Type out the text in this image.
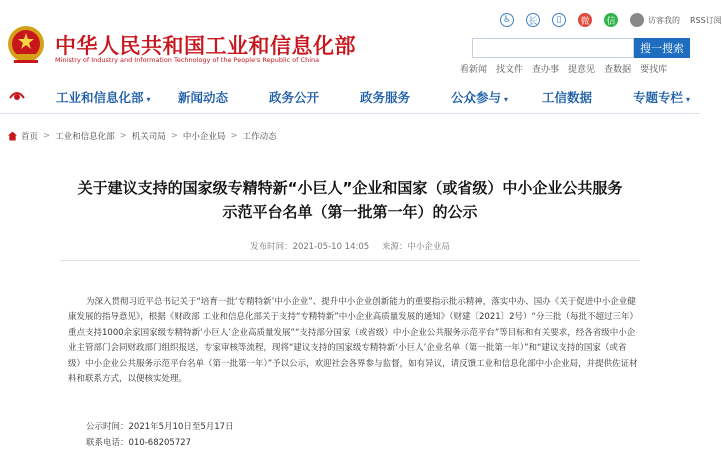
中华人民共和国工业和信息化部
Ministry of Industry and Information Technology of the People's Republic of China
♿	长	▯	微 信	访客我的 RSS订阅
搜一搜索
看新闻 找文件 查办事 提意见 查数据 要找库
工业和信息化部 ▾ 新闻动态	政务公开	政务服务	公众参与 ▾	工信数据	专题专栏 ▾
首页 > 工业和信息化部 > 机关司局 > 中小企业局 > 工作动态
关于建议支持的国家级专精特新“小巨人”企业和国家（或省级）中小企业公共服务
示范平台名单（第一批第一年）的公示
发布时间：2021-05-10 14:05 来源：中小企业局
为深入贯彻习近平总书记关于“培育一批‘专精特新’中小企业”、提升中小企业创新能力的重要指示批示精神，落实中办、国办《关于促进中小企业健康发展的指导意见》，根据《财政部 工业和信息化部关于支持“专精特新”中小企业高质量发展的通知》（财建〔2021〕2号）“分三批（每批不超过三年）重点支持1000余家国家级专精特新‘小巨人’企业高质量发展”“支持部分国家（或省级）中小企业公共服务示范平台”等目标和有关要求，经各省级中小企业主管部门会同财政部门组织报送，专家审核等流程，现将“建议支持的国家级专精特新‘小巨人’企业名单（第一批第一年）”和“建议支持的国家（或省级）中小企业公共服务示范平台名单（第一批第一年）”予以公示，欢迎社会各界参与监督，如有异议，请反馈工业和信息化部中小企业局，并提供佐证材料和联系方式，以便核实处理。
公示时间：2021年5月10日至5月17日
联系电话：010-68205727
